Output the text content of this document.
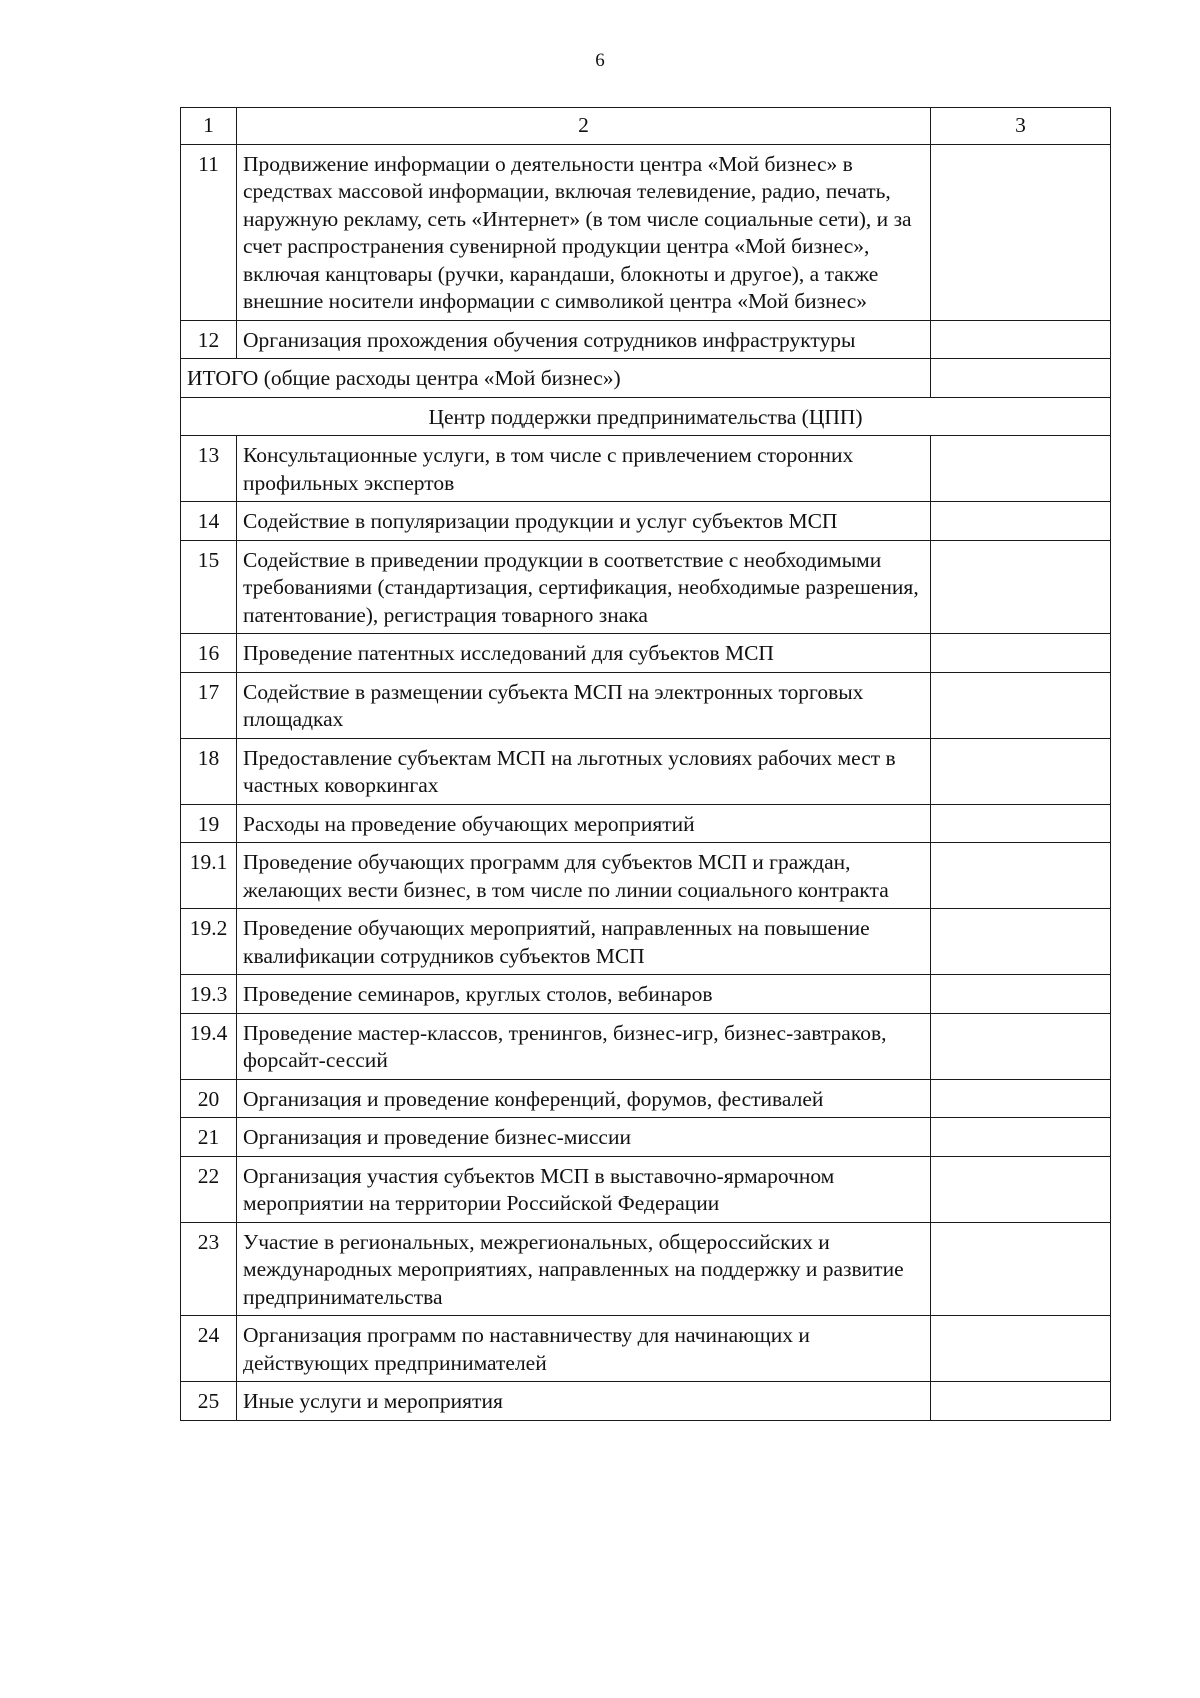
6
1	2	3
11	Продвижение информации о деятельности центра «Мой бизнес» в средствах массовой информации, включая телевидение, радио, печать, наружную рекламу, сеть «Интернет» (в том числе социальные сети), и за счет распространения сувенирной продукции центра «Мой бизнес», включая канцтовары (ручки, карандаши, блокноты и другое), а также внешние носители информации с символикой центра «Мой бизнес»	
12	Организация прохождения обучения сотрудников инфраструктуры	
ИТОГО (общие расходы центра «Мой бизнес»)		
Центр поддержки предпринимательства (ЦПП)		
13	Консультационные услуги, в том числе с привлечением сторонних профильных экспертов	
14	Содействие в популяризации продукции и услуг субъектов МСП	
15	Содействие в приведении продукции в соответствие с необходимыми требованиями (стандартизация, сертификация, необходимые разрешения, патентование), регистрация товарного знака	
16	Проведение патентных исследований для субъектов МСП	
17	Содействие в размещении субъекта МСП на электронных торговых площадках	
18	Предоставление субъектам МСП на льготных условиях рабочих мест в частных коворкингах	
19	Расходы на проведение обучающих мероприятий	
19.1	Проведение обучающих программ для субъектов МСП и граждан, желающих вести бизнес, в том числе по линии социального контракта	
19.2	Проведение обучающих мероприятий, направленных на повышение квалификации сотрудников субъектов МСП	
19.3	Проведение семинаров, круглых столов, вебинаров	
19.4	Проведение мастер-классов, тренингов, бизнес-игр, бизнес-завтраков, форсайт-сессий	
20	Организация и проведение конференций, форумов, фестивалей	
21	Организация и проведение бизнес-миссии	
22	Организация участия субъектов МСП в выставочно-ярмарочном мероприятии на территории Российской Федерации	
23	Участие в региональных, межрегиональных, общероссийских и международных мероприятиях, направленных на поддержку и развитие предпринимательства	
24	Организация программ по наставничеству для начинающих и действующих предпринимателей	
25	Иные услуги и мероприятия	
